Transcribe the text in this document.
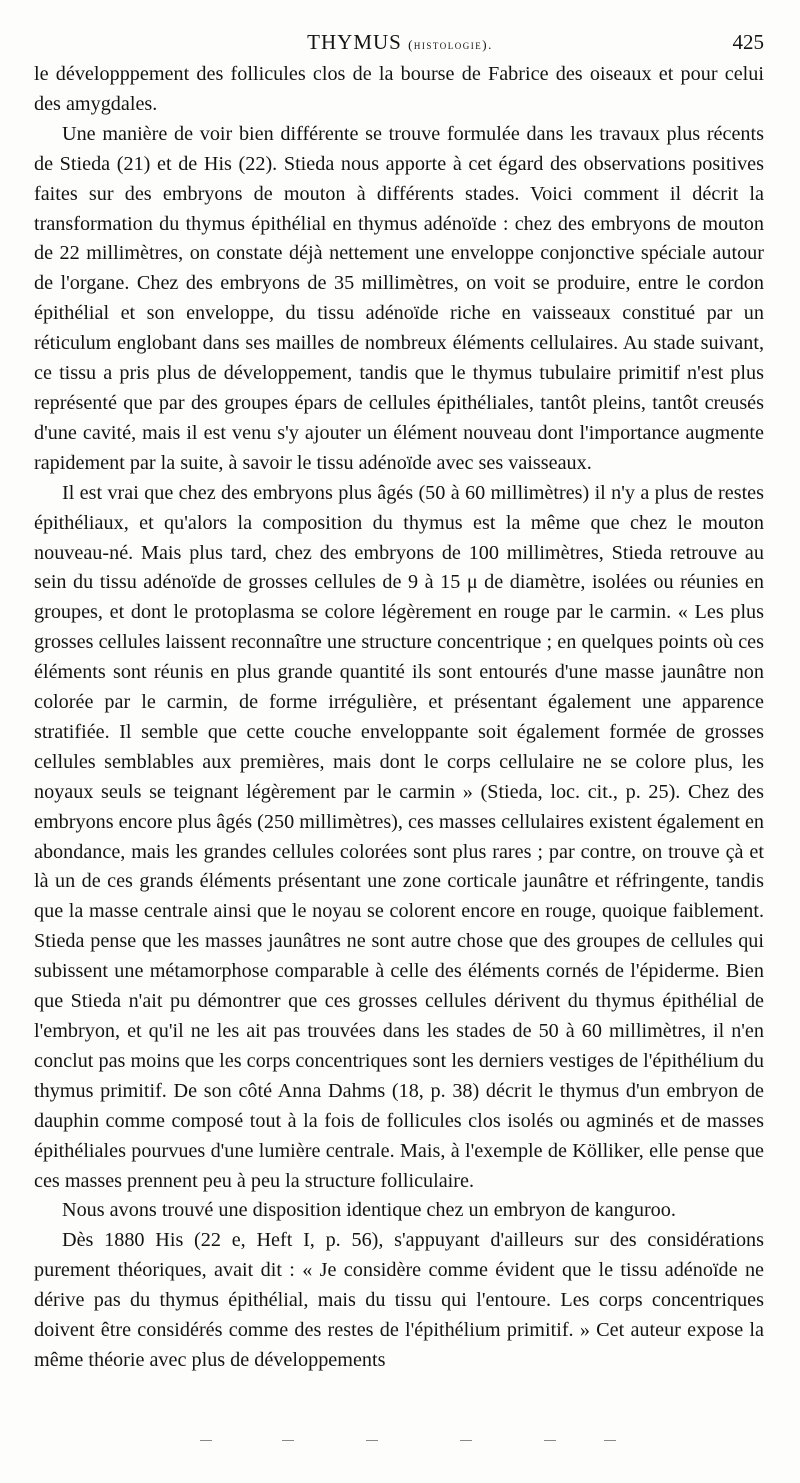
THYMUS (histologie).	425

le développpement des follicules clos de la bourse de Fabrice des oiseaux et pour celui des amygdales.

Une manière de voir bien différente se trouve formulée dans les travaux plus récents de Stieda (21) et de His (22). Stieda nous apporte à cet égard des observations positives faites sur des embryons de mouton à différents stades. Voici comment il décrit la transformation du thymus épithélial en thymus adénoïde : chez des embryons de mouton de 22 millimètres, on constate déjà nettement une enveloppe conjonctive spéciale autour de l'organe. Chez des embryons de 35 millimètres, on voit se produire, entre le cordon épithélial et son enveloppe, du tissu adénoïde riche en vaisseaux constitué par un réticulum englobant dans ses mailles de nombreux éléments cellulaires. Au stade suivant, ce tissu a pris plus de développement, tandis que le thymus tubulaire primitif n'est plus représenté que par des groupes épars de cellules épithéliales, tantôt pleins, tantôt creusés d'une cavité, mais il est venu s'y ajouter un élément nouveau dont l'importance augmente rapidement par la suite, à savoir le tissu adénoïde avec ses vaisseaux.

Il est vrai que chez des embryons plus âgés (50 à 60 millimètres) il n'y a plus de restes épithéliaux, et qu'alors la composition du thymus est la même que chez le mouton nouveau-né. Mais plus tard, chez des embryons de 100 millimètres, Stieda retrouve au sein du tissu adénoïde de grosses cellules de 9 à 15 μ de diamètre, isolées ou réunies en groupes, et dont le protoplasma se colore légèrement en rouge par le carmin. « Les plus grosses cellules laissent reconnaître une structure concentrique ; en quelques points où ces éléments sont réunis en plus grande quantité ils sont entourés d'une masse jaunâtre non colorée par le carmin, de forme irrégulière, et présentant également une apparence stratifiée. Il semble que cette couche enveloppante soit également formée de grosses cellules semblables aux premières, mais dont le corps cellulaire ne se colore plus, les noyaux seuls se teignant légèrement par le carmin » (Stieda, loc. cit., p. 25). Chez des embryons encore plus âgés (250 millimètres), ces masses cellulaires existent également en abondance, mais les grandes cellules colorées sont plus rares ; par contre, on trouve çà et là un de ces grands éléments présentant une zone corticale jaunâtre et réfringente, tandis que la masse centrale ainsi que le noyau se colorent encore en rouge, quoique faiblement. Stieda pense que les masses jaunâtres ne sont autre chose que des groupes de cellules qui subissent une métamorphose comparable à celle des éléments cornés de l'épiderme. Bien que Stieda n'ait pu démontrer que ces grosses cellules dérivent du thymus épithélial de l'embryon, et qu'il ne les ait pas trouvées dans les stades de 50 à 60 millimètres, il n'en conclut pas moins que les corps concentriques sont les derniers vestiges de l'épithélium du thymus primitif. De son côté Anna Dahms (18, p. 38) décrit le thymus d'un embryon de dauphin comme composé tout à la fois de follicules clos isolés ou agminés et de masses épithéliales pourvues d'une lumière centrale. Mais, à l'exemple de Kölliker, elle pense que ces masses prennent peu à peu la structure folliculaire.

Nous avons trouvé une disposition identique chez un embryon de kanguroo.

Dès 1880 His (22 e, Heft I, p. 56), s'appuyant d'ailleurs sur des considérations purement théoriques, avait dit : « Je considère comme évident que le tissu adénoïde ne dérive pas du thymus épithélial, mais du tissu qui l'entoure. Les corps concentriques doivent être considérés comme des restes de l'épithélium primitif. » Cet auteur expose la même théorie avec plus de développements
